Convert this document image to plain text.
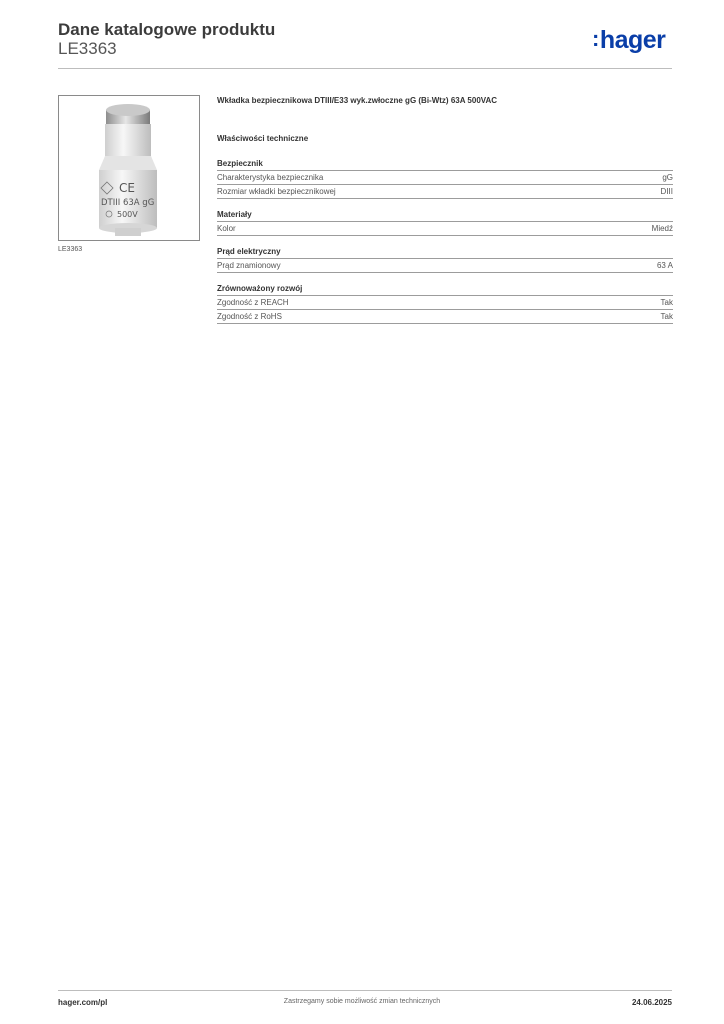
Dane katalogowe produktu
LE3363	:hager
CE
DTIII 63A gG
500V
LE3363
Wkładka bezpiecznikowa DTIII/E33 wyk.zwłoczne gG (Bi-Wtz) 63A 500VAC
Właściwości techniczne
Bezpiecznik
Charakterystyka bezpiecznika	gG
Rozmiar wkładki bezpiecznikowej	DIII
Materiały
Kolor	Miedź
Prąd elektryczny
Prąd znamionowy	63 A
Zrównoważony rozwój
Zgodność z REACH	Tak
Zgodność z RoHS	Tak
hager.com/pl	Zastrzegamy sobie możliwość zmian technicznych	24.06.2025
